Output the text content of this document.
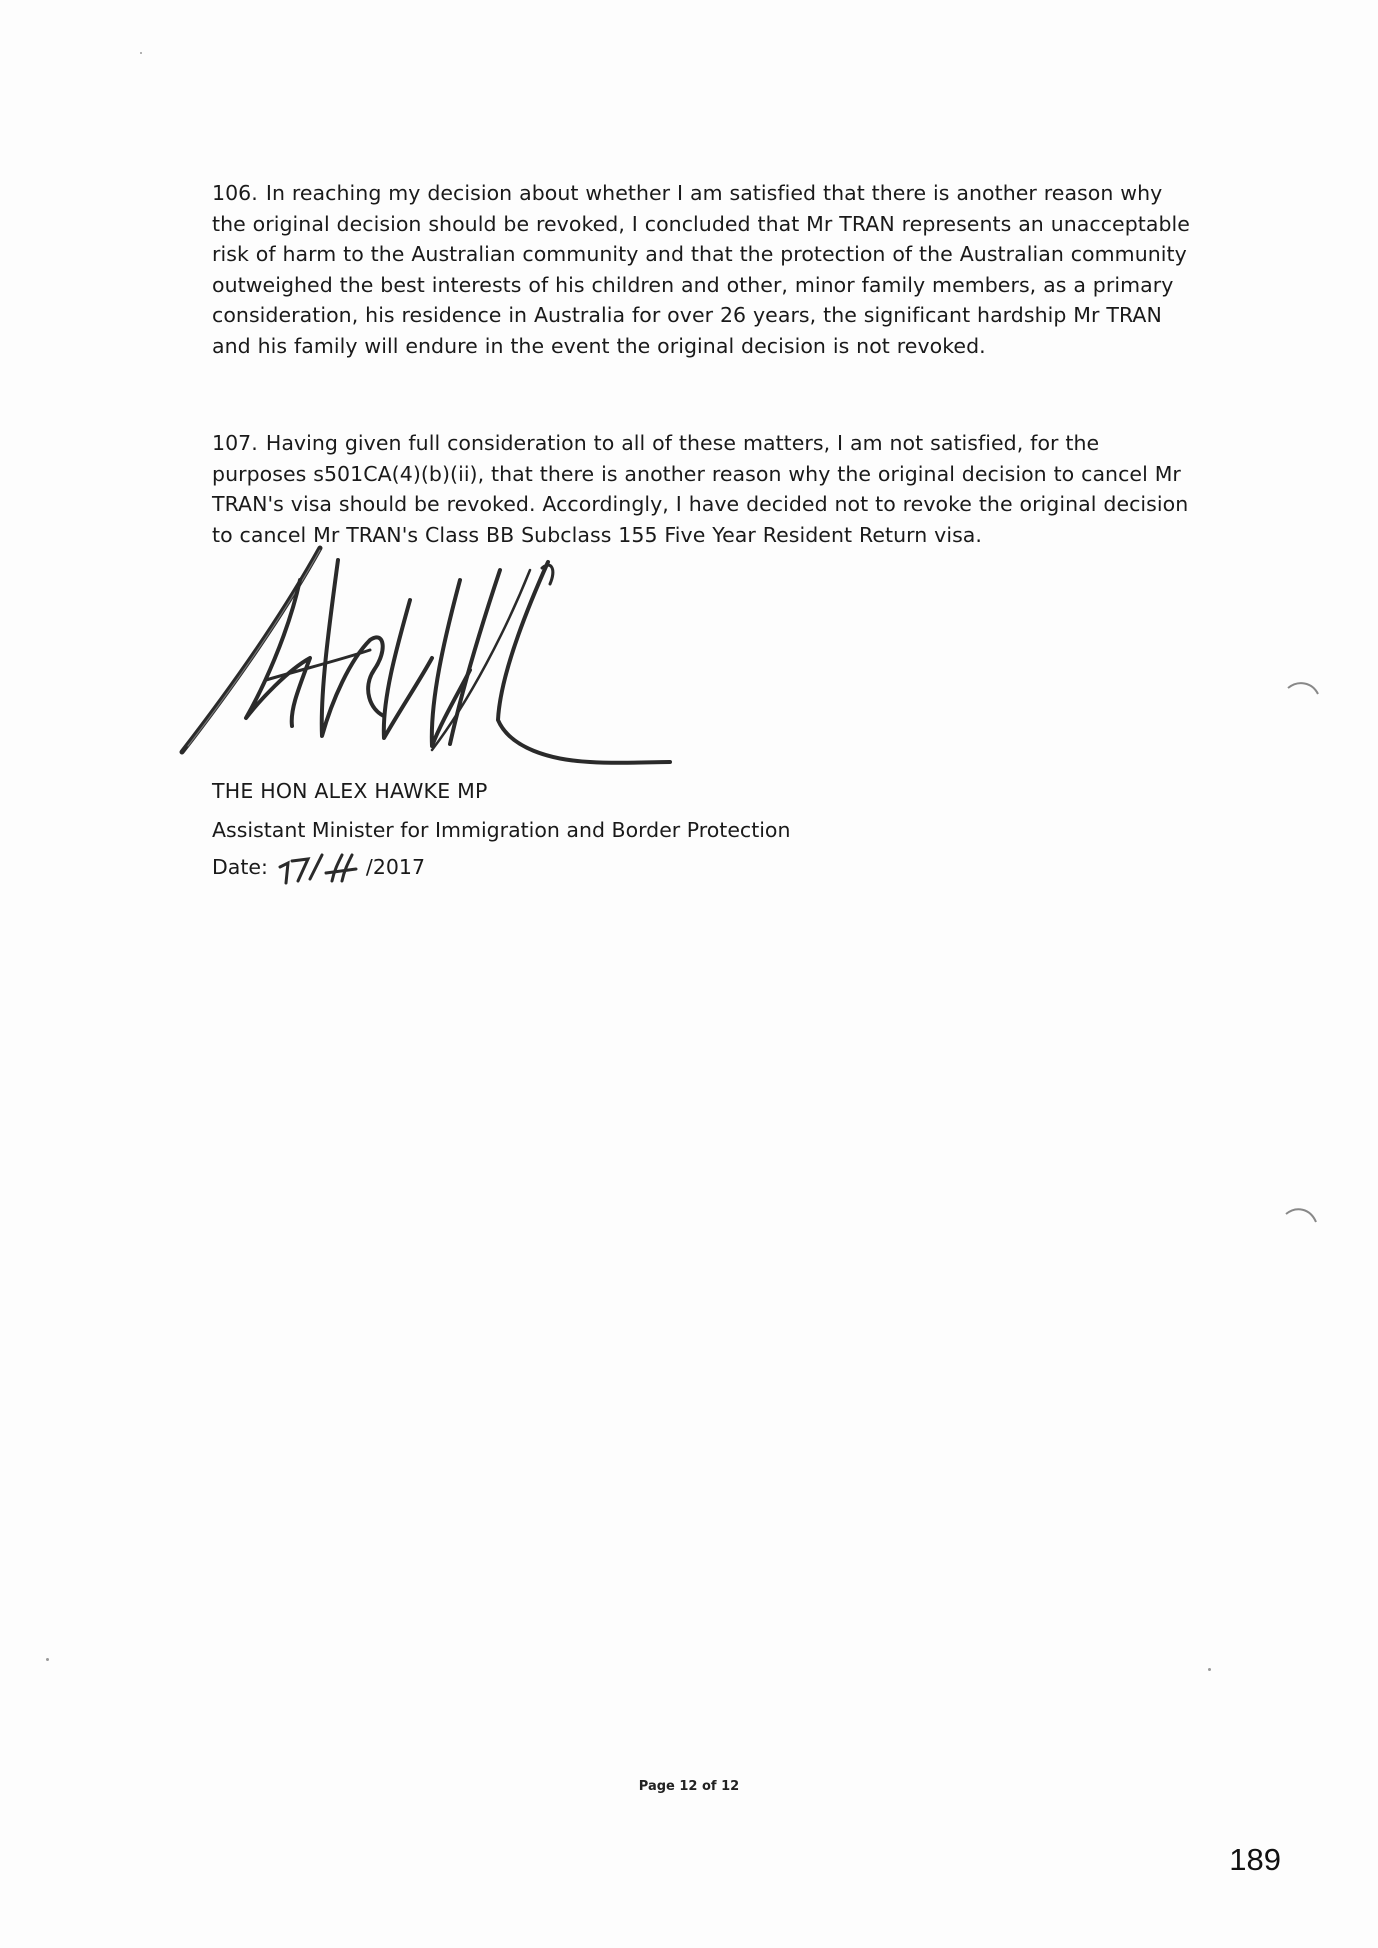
106. In reaching my decision about whether I am satisfied that there is another reason why the original decision should be revoked, I concluded that Mr TRAN represents an unacceptable risk of harm to the Australian community and that the protection of the Australian community outweighed the best interests of his children and other, minor family members, as a primary consideration, his residence in Australia for over 26 years, the significant hardship Mr TRAN and his family will endure in the event the original decision is not revoked.

107. Having given full consideration to all of these matters, I am not satisfied, for the purposes s501CA(4)(b)(ii), that there is another reason why the original decision to cancel Mr TRAN's visa should be revoked. Accordingly, I have decided not to revoke the original decision to cancel Mr TRAN's Class BB Subclass 155 Five Year Resident Return visa.

THE HON ALEX HAWKE MP

Assistant Minister for Immigration and Border Protection

Date:	/2017

Page 12 of 12
189
